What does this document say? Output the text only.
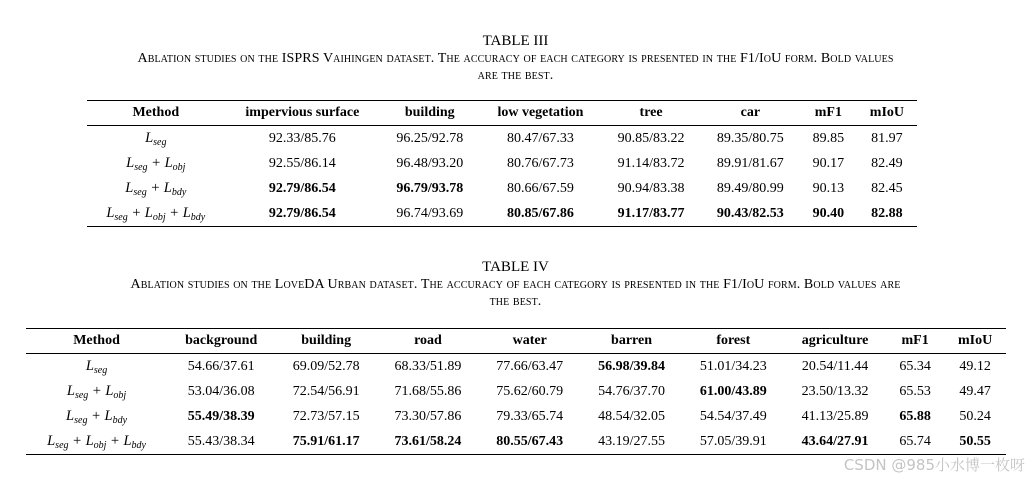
TABLE III
Ablation studies on the ISPRS Vaihingen dataset. The accuracy of each category is presented in the F1/IoU form. Bold values
are the best.
Method	impervious surface	building	low vegetation	tree	car	mF1	mIoU
$L_{seg}$	92.33/85.76	96.25/92.78	80.47/67.33	90.85/83.22	89.35/80.75	89.85	81.97
$L_{seg} + L_{obj}$	92.55/86.14	96.48/93.20	80.76/67.73	91.14/83.72	89.91/81.67	90.17	82.49
$L_{seg} + L_{bdy}$	92.79/86.54	96.79/93.78	80.66/67.59	90.94/83.38	89.49/80.99	90.13	82.45
$L_{seg} + L_{obj} + L_{bdy}$	92.79/86.54	96.74/93.69	80.85/67.86	91.17/83.77	90.43/82.53	90.40	82.88
TABLE IV
Ablation studies on the LoveDA Urban dataset. The accuracy of each category is presented in the F1/IoU form. Bold values are
the best.
Method	background	building	road	water	barren	forest	agriculture	mF1	mIoU
$L_{seg}$	54.66/37.61	69.09/52.78	68.33/51.89	77.66/63.47	56.98/39.84	51.01/34.23	20.54/11.44	65.34	49.12
$L_{seg} + L_{obj}$	53.04/36.08	72.54/56.91	71.68/55.86	75.62/60.79	54.76/37.70	61.00/43.89	23.50/13.32	65.53	49.47
$L_{seg} + L_{bdy}$	55.49/38.39	72.73/57.15	73.30/57.86	79.33/65.74	48.54/32.05	54.54/37.49	41.13/25.89	65.88	50.24
$L_{seg} + L_{obj} + L_{bdy}$	55.43/38.34	75.91/61.17	73.61/58.24	80.55/67.43	43.19/27.55	57.05/39.91	43.64/27.91	65.74	50.55
CSDN @985小水博一枚呀
